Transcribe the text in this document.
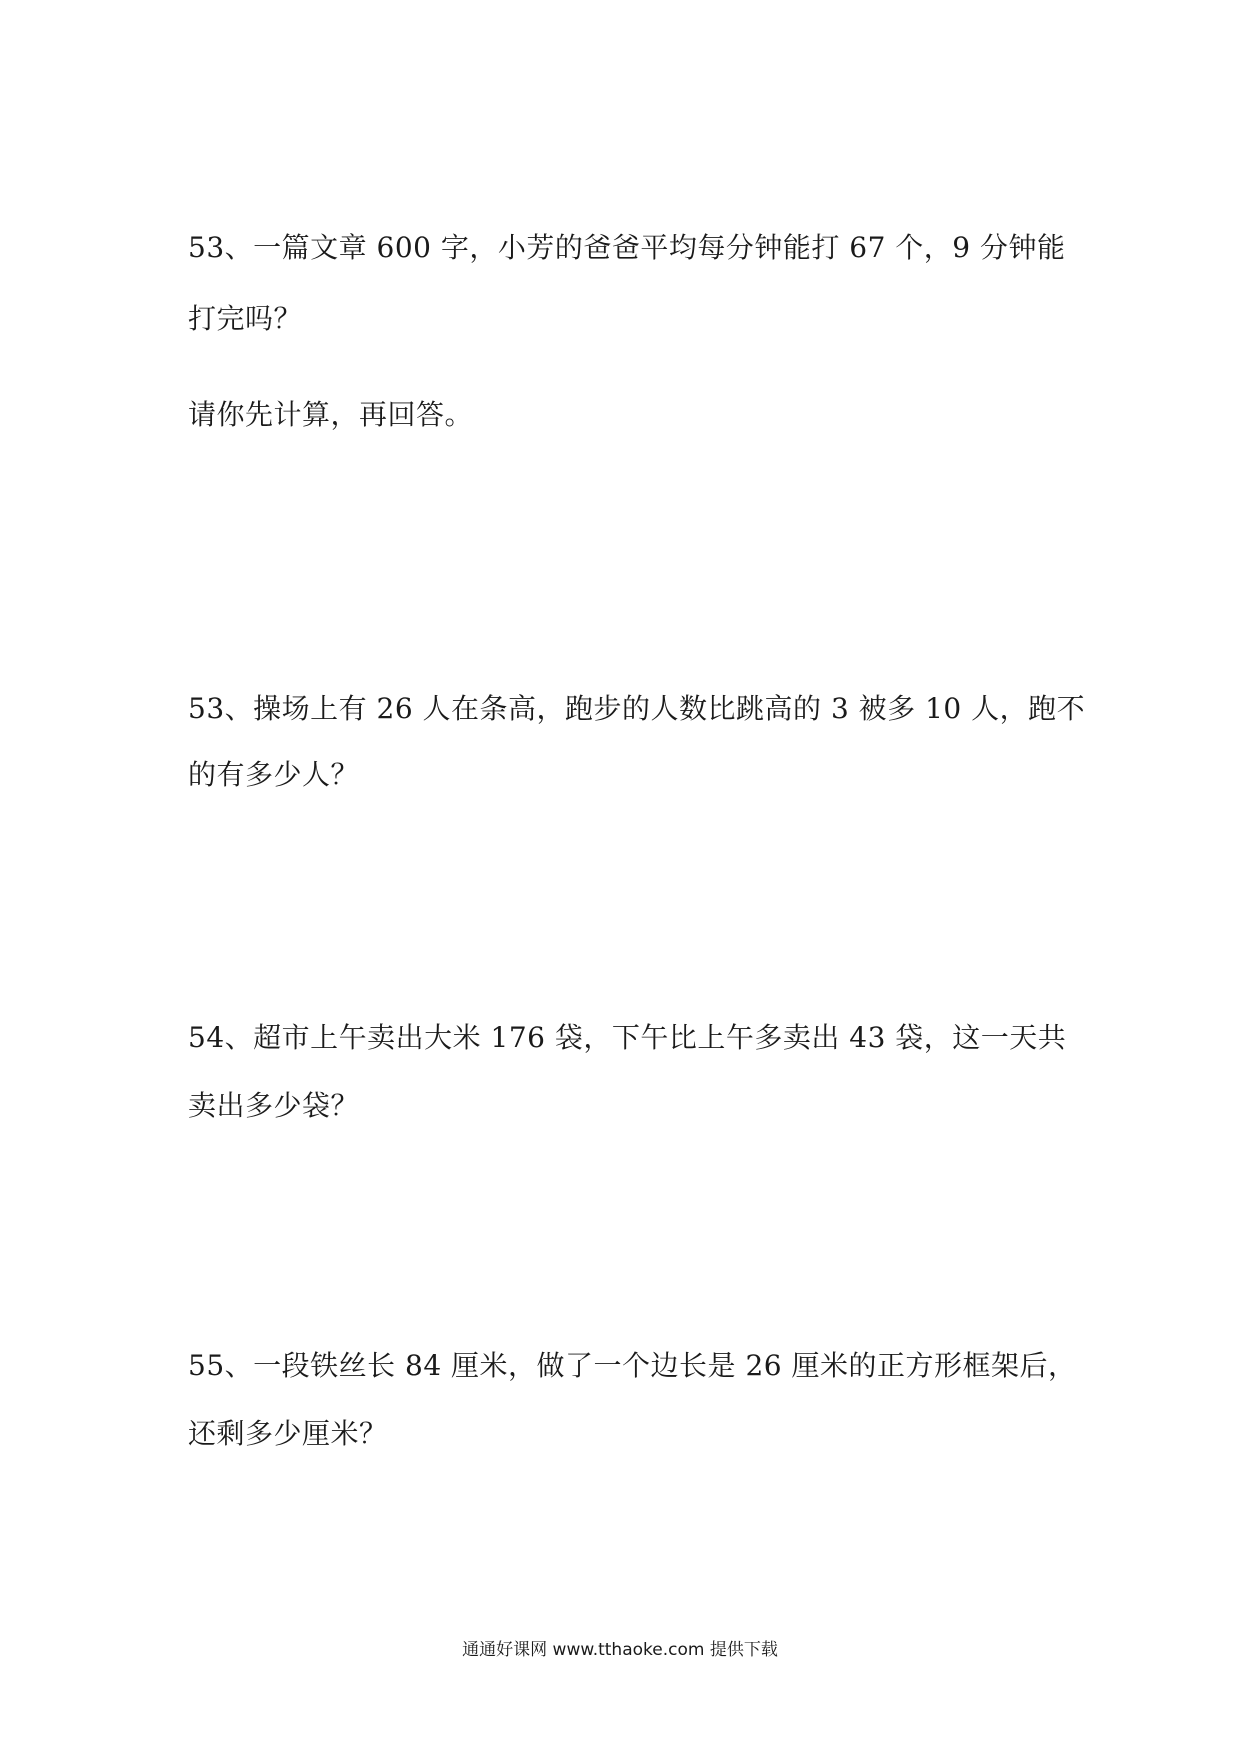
53、一篇文章 600 字，小芳的爸爸平均每分钟能打 67 个，9 分钟能
打完吗？
请你先计算，再回答。
53、操场上有 26 人在条高，跑步的人数比跳高的 3 被多 10 人，跑不
的有多少人？
54、超市上午卖出大米 176 袋，下午比上午多卖出 43 袋，这一天共
卖出多少袋？
55、一段铁丝长 84 厘米，做了一个边长是 26 厘米的正方形框架后，
还剩多少厘米？
通通好课网 www.tthaoke.com 提供下载
